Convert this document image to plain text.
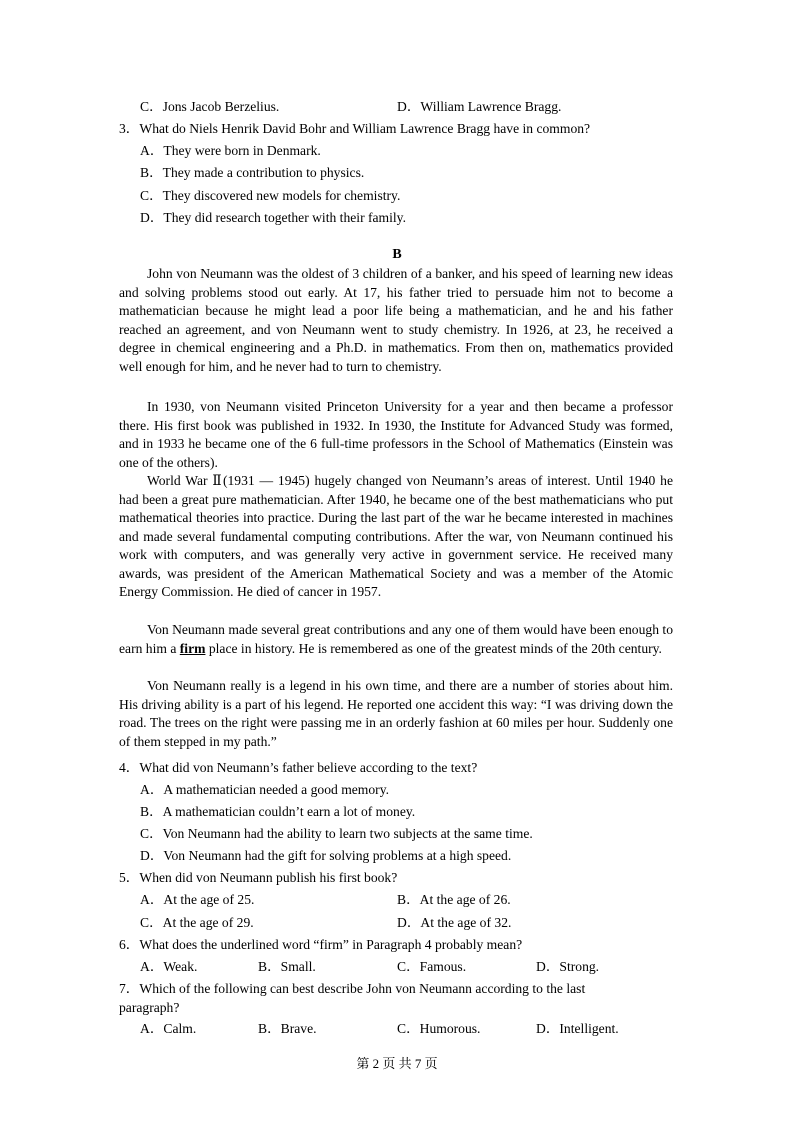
C．Jons Jacob Berzelius.	D．William Lawrence Bragg.
3．What do Niels Henrik David Bohr and William Lawrence Bragg have in common?
A．They were born in Denmark.
B．They made a contribution to physics.
C．They discovered new models for chemistry.
D．They did research together with their family.
B
John von Neumann was the oldest of 3 children of a banker, and his speed of learning new ideas and solving problems stood out early. At 17, his father tried to persuade him not to become a mathematician because he might lead a poor life being a mathematician, and he and his father reached an agreement, and von Neumann went to study chemistry. In 1926, at 23, he received a degree in chemical engineering and a Ph.D. in mathematics. From then on, mathematics provided well enough for him, and he never had to turn to chemistry.
In 1930, von Neumann visited Princeton University for a year and then became a professor there. His first book was published in 1932. In 1930, the Institute for Advanced Study was formed, and in 1933 he became one of the 6 full-time professors in the School of Mathematics (Einstein was one of the others).
World War Ⅱ(1931 — 1945) hugely changed von Neumann’s areas of interest. Until 1940 he had been a great pure mathematician. After 1940, he became one of the best mathematicians who put mathematical theories into practice. During the last part of the war he became interested in machines and made several fundamental computing contributions. After the war, von Neumann continued his work with computers, and was generally very active in government service. He received many awards, was president of the American Mathematical Society and was a member of the Atomic Energy Commission. He died of cancer in 1957.
Von Neumann made several great contributions and any one of them would have been enough to earn him a firm place in history. He is remembered as one of the greatest minds of the 20th century.
Von Neumann really is a legend in his own time, and there are a number of stories about him. His driving ability is a part of his legend. He reported one accident this way: “I was driving down the road. The trees on the right were passing me in an orderly fashion at 60 miles per hour. Suddenly one of them stepped in my path.”
4．What did von Neumann’s father believe according to the text?
A．A mathematician needed a good memory.
B．A mathematician couldn’t earn a lot of money.
C．Von Neumann had the ability to learn two subjects at the same time.
D．Von Neumann had the gift for solving problems at a high speed.
5．When did von Neumann publish his first book?
A．At the age of 25.	B．At the age of 26.
C．At the age of 29.	D．At the age of 32.
6．What does the underlined word “firm” in Paragraph 4 probably mean?
A．Weak.	B．Small.	C．Famous.	D．Strong.
7．Which of the following can best describe John von Neumann according to the last
paragraph?
A．Calm.	B．Brave.	C．Humorous.	D．Intelligent.
第 2 页 共 7 页
